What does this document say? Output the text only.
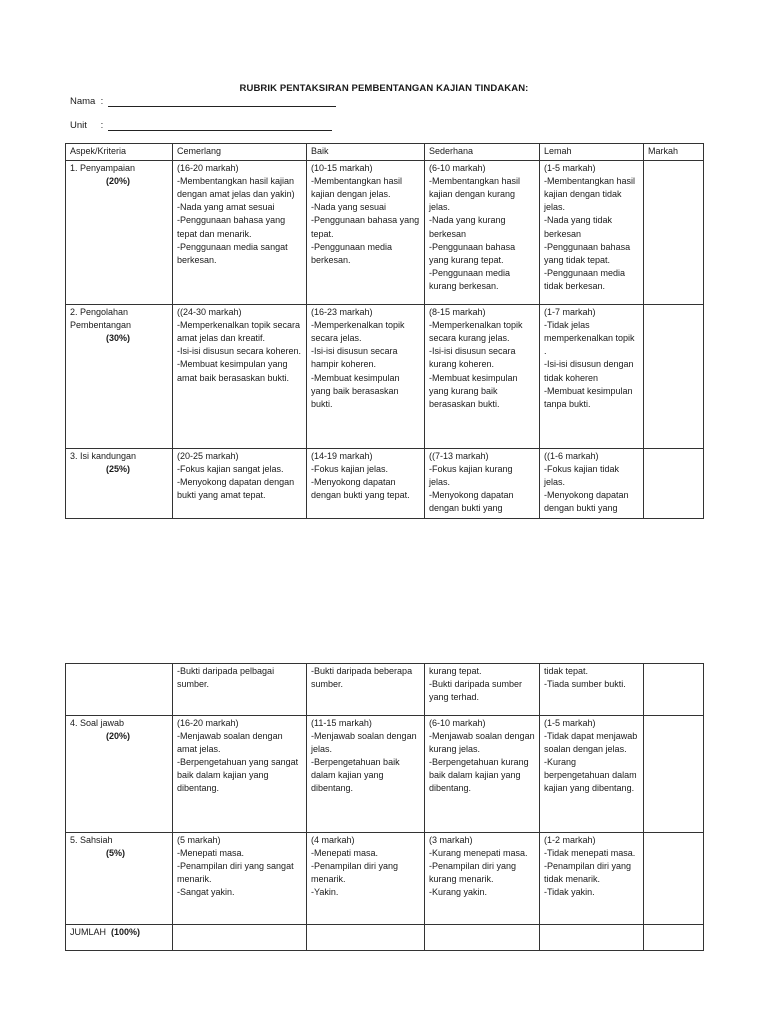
RUBRIK PENTAKSIRAN PEMBENTANGAN KAJIAN TINDAKAN:
Nama :
Unit :
Aspek/Kriteria	Cemerlang	Baik	Sederhana	Lemah	Markah
1. Penyampaian
(20%)	(16-20 markah)
-Membentangkan hasil kajian dengan amat jelas dan yakin)
-Nada yang amat sesuai
-Penggunaan bahasa yang tepat dan menarik.
-Penggunaan media sangat berkesan.	(10-15 markah)
-Membentangkan hasil kajian dengan jelas.
-Nada yang sesuai
-Penggunaan bahasa yang tepat.
-Penggunaan media berkesan.	(6-10 markah)
-Membentangkan hasil kajian dengan kurang jelas.
-Nada yang kurang berkesan
-Penggunaan bahasa yang kurang tepat.
-Penggunaan media kurang berkesan.	(1-5 markah)
-Membentangkan hasil kajian dengan tidak jelas.
-Nada yang tidak berkesan
-Penggunaan bahasa yang tidak tepat.
-Penggunaan media tidak berkesan.	
2. Pengolahan Pembentangan
(30%)	((24-30 markah)
-Memperkenalkan topik secara amat jelas dan kreatif.
-Isi-isi disusun secara koheren.
-Membuat kesimpulan yang amat baik berasaskan bukti.	(16-23 markah)
-Memperkenalkan topik secara jelas.
-Isi-isi disusun secara hampir koheren.
-Membuat kesimpulan yang baik berasaskan bukti.	(8-15 markah)
-Memperkenalkan topik secara kurang jelas.
-Isi-isi disusun secara kurang koheren.
-Membuat kesimpulan yang kurang baik berasaskan bukti.	(1-7 markah)
-Tidak jelas memperkenalkan topik .
-Isi-isi disusun dengan tidak koheren
-Membuat kesimpulan tanpa bukti.	
3. Isi kandungan
(25%)	(20-25 markah)
-Fokus kajian sangat jelas.
-Menyokong dapatan dengan bukti yang amat tepat.	(14-19 markah)
-Fokus kajian jelas.
-Menyokong dapatan dengan bukti yang tepat.	((7-13 markah)
-Fokus kajian kurang jelas.
-Menyokong dapatan dengan bukti yang	((1-6 markah)
-Fokus kajian tidak jelas.
-Menyokong dapatan dengan bukti yang	
	-Bukti daripada pelbagai sumber.	-Bukti daripada beberapa sumber.	kurang tepat.
-Bukti daripada sumber yang terhad.	tidak tepat.
-Tiada sumber bukti.	
4. Soal jawab
(20%)	(16-20 markah)
-Menjawab soalan dengan amat jelas.
-Berpengetahuan yang sangat baik dalam kajian yang dibentang.	(11-15 markah)
-Menjawab soalan dengan jelas.
-Berpengetahuan baik dalam kajian yang dibentang.	(6-10 markah)
-Menjawab soalan dengan kurang jelas.
-Berpengetahuan kurang baik dalam kajian yang dibentang.	(1-5 markah)
-Tidak dapat menjawab soalan dengan jelas.
-Kurang berpengetahuan dalam kajian yang dibentang.	
5. Sahsiah
(5%)	(5 markah)
-Menepati masa.
-Penampilan diri yang sangat menarik.
-Sangat yakin.	(4 markah)
-Menepati masa.
-Penampilan diri yang menarik.
-Yakin.	(3 markah)
-Kurang menepati masa.
-Penampilan diri yang kurang menarik.
-Kurang yakin.	(1-2 markah)
-Tidak menepati masa.
-Penampilan diri yang tidak menarik.
-Tidak yakin.	
JUMLAH (100%)					
